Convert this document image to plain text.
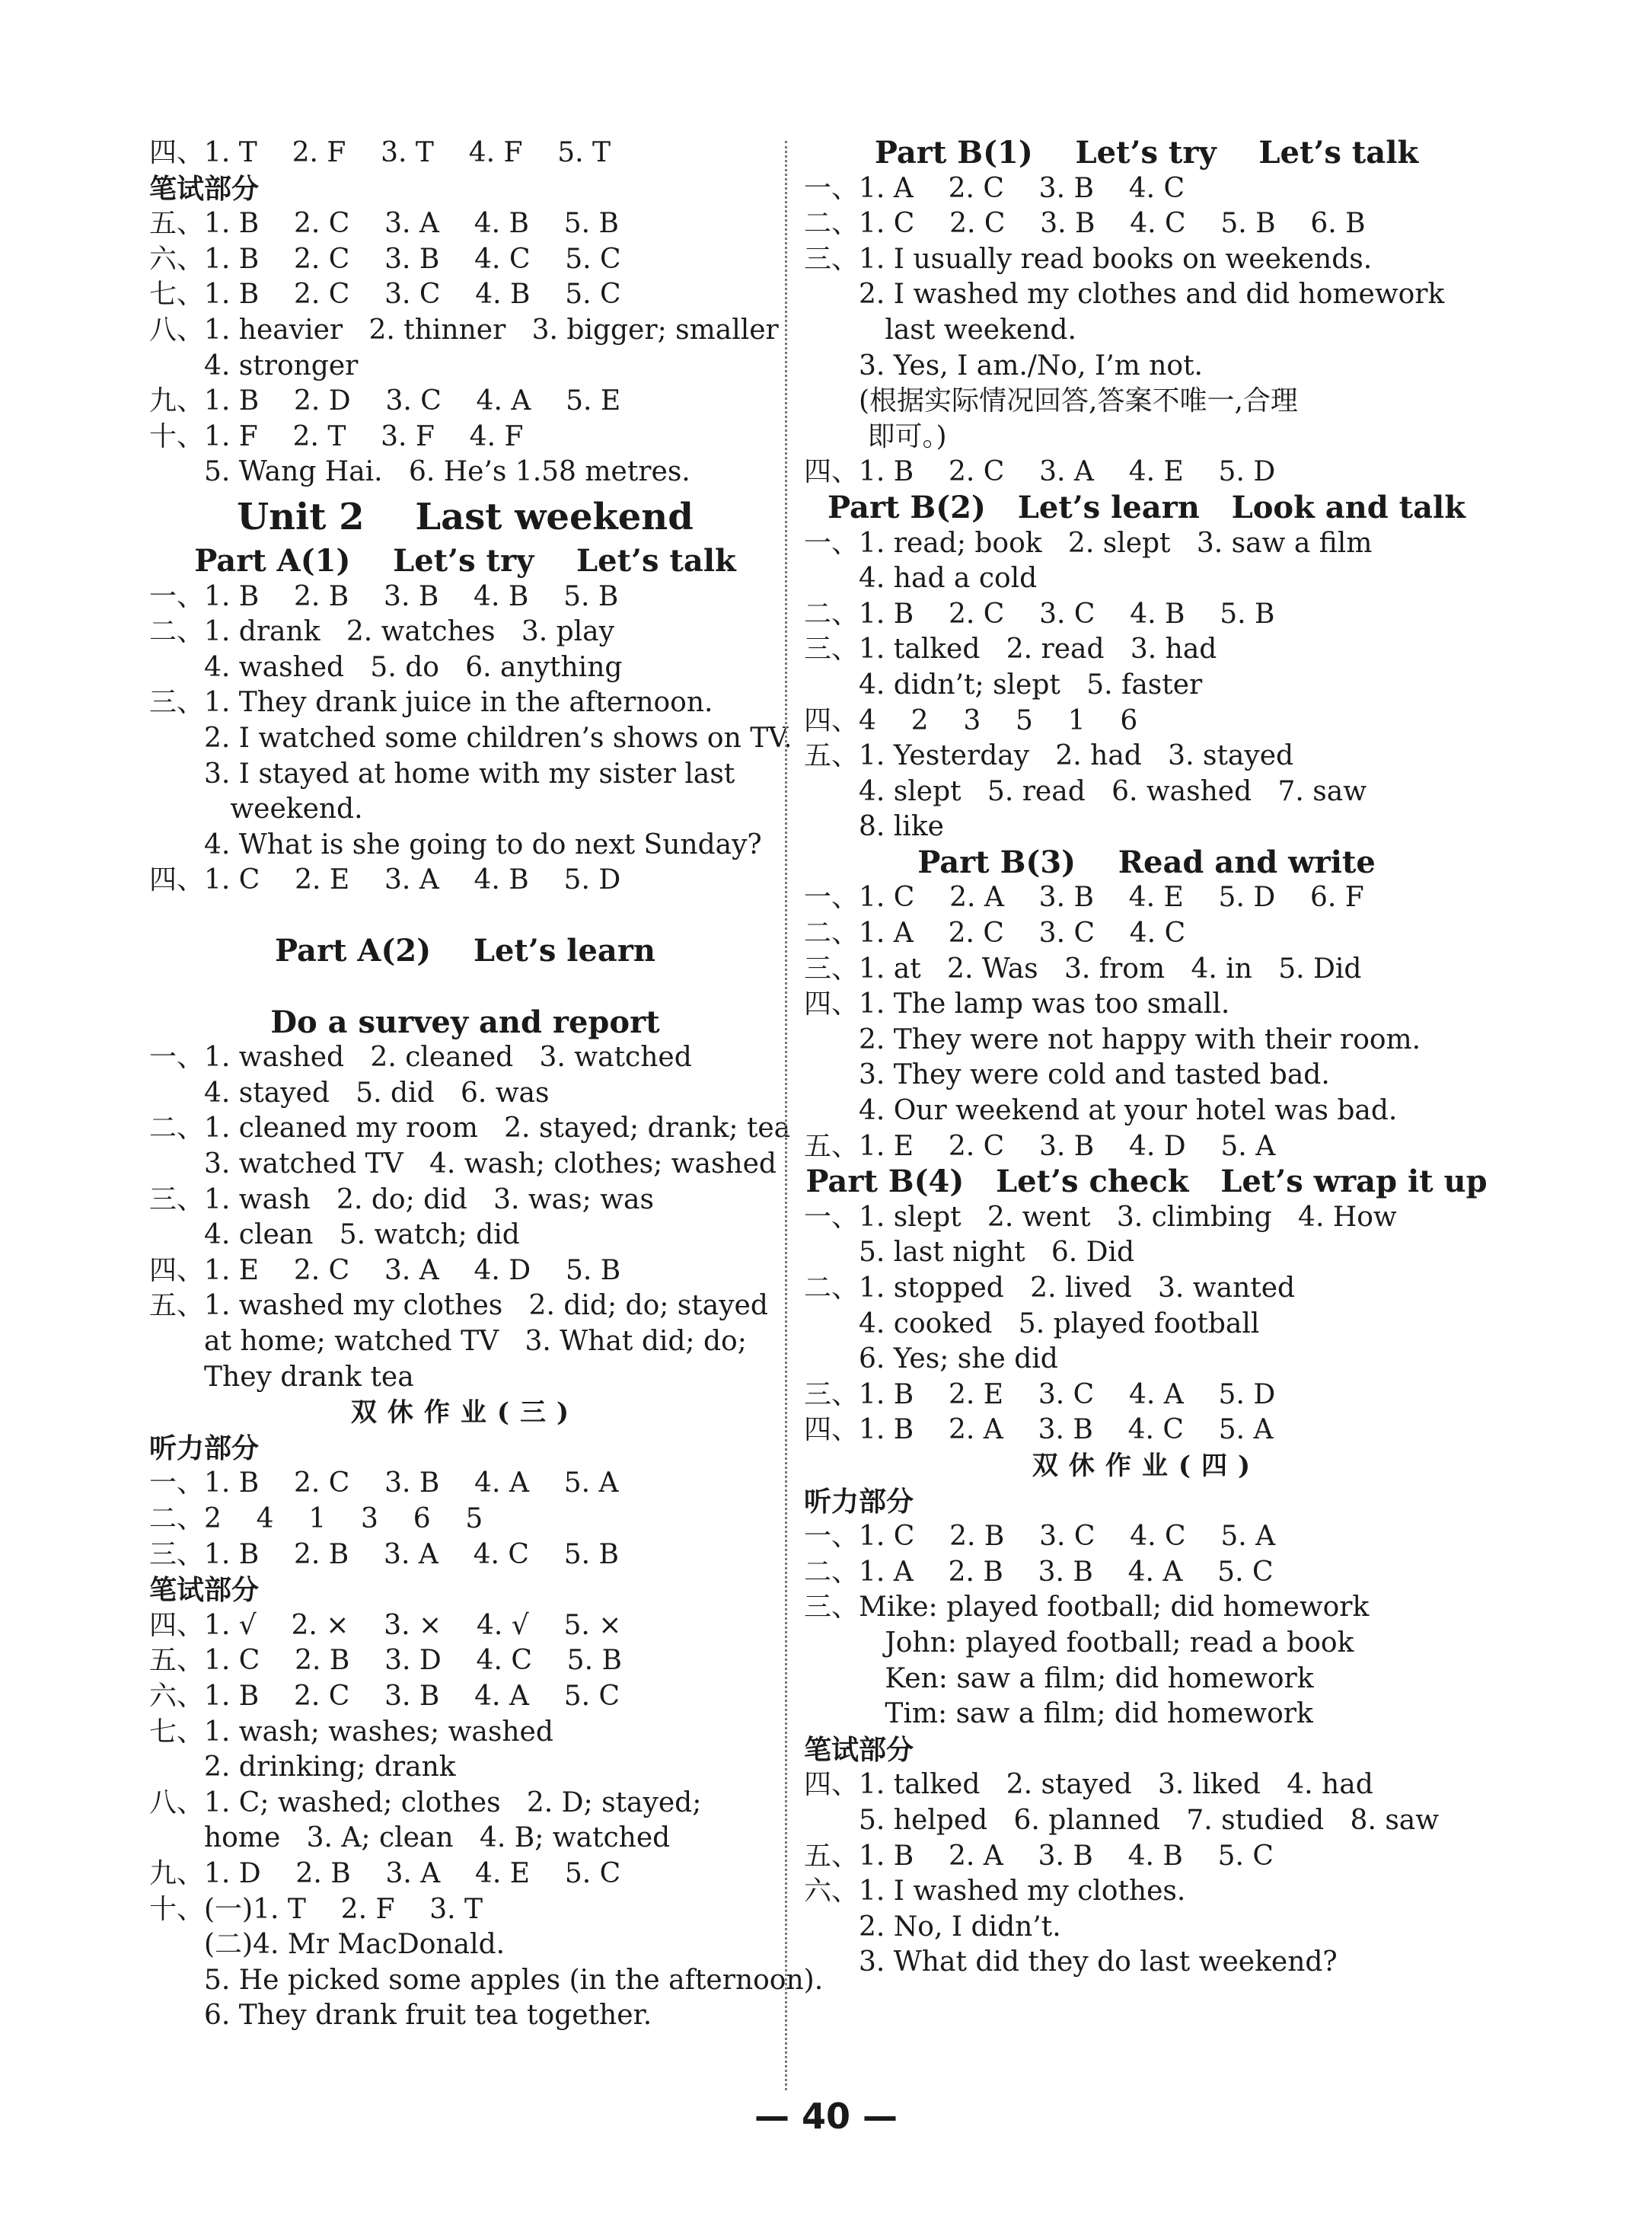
四、1. T    2. F    3. T    4. F    5. T
笔试部分
五、1. B    2. C    3. A    4. B    5. B
六、1. B    2. C    3. B    4. C    5. C
七、1. B    2. C    3. C    4. B    5. C
八、1. heavier   2. thinner   3. bigger; smaller
4. stronger
九、1. B    2. D    3. C    4. A    5. E
十、1. F    2. T    3. F    4. F
5. Wang Hai.   6. He’s 1.58 metres.
Unit 2    Last weekend
Part A(1)    Let’s try    Let’s talk
一、1. B    2. B    3. B    4. B    5. B
二、1. drank   2. watches   3. play
4. washed   5. do   6. anything
三、1. They drank juice in the afternoon.
2. I watched some children’s shows on TV.
3. I stayed at home with my sister last
weekend.
4. What is she going to do next Sunday?
四、1. C    2. E    3. A    4. B    5. D
Part A(2)    Let’s learn
Do a survey and report
一、1. washed   2. cleaned   3. watched
4. stayed   5. did   6. was
二、1. cleaned my room   2. stayed; drank; tea
3. watched TV   4. wash; clothes; washed
三、1. wash   2. do; did   3. was; was
4. clean   5. watch; did
四、1. E    2. C    3. A    4. D    5. B
五、1. washed my clothes   2. did; do; stayed
at home; watched TV   3. What did; do;
They drank tea
双休作业(三)
听力部分
一、1. B    2. C    3. B    4. A    5. A
二、2    4    1    3    6    5
三、1. B    2. B    3. A    4. C    5. B
笔试部分
四、1. √    2. ×    3. ×    4. √    5. ×
五、1. C    2. B    3. D    4. C    5. B
六、1. B    2. C    3. B    4. A    5. C
七、1. wash; washes; washed
2. drinking; drank
八、1. C; washed; clothes   2. D; stayed;
home   3. A; clean   4. B; watched
九、1. D    2. B    3. A    4. E    5. C
十、(一)1. T    2. F    3. T
(二)4. Mr MacDonald.
5. He picked some apples (in the afternoon).
6. They drank fruit tea together.
Part B(1)    Let’s try    Let’s talk
一、1. A    2. C    3. B    4. C
二、1. C    2. C    3. B    4. C    5. B    6. B
三、1. I usually read books on weekends.
2. I washed my clothes and did homework
last weekend.
3. Yes, I am./No, I’m not.
(根据实际情况回答,答案不唯一,合理
即可。)
四、1. B    2. C    3. A    4. E    5. D
Part B(2)   Let’s learn   Look and talk
一、1. read; book   2. slept   3. saw a film
4. had a cold
二、1. B    2. C    3. C    4. B    5. B
三、1. talked   2. read   3. had
4. didn’t; slept   5. faster
四、4    2    3    5    1    6
五、1. Yesterday   2. had   3. stayed
4. slept   5. read   6. washed   7. saw
8. like
Part B(3)    Read and write
一、1. C    2. A    3. B    4. E    5. D    6. F
二、1. A    2. C    3. C    4. C
三、1. at   2. Was   3. from   4. in   5. Did
四、1. The lamp was too small.
2. They were not happy with their room.
3. They were cold and tasted bad.
4. Our weekend at your hotel was bad.
五、1. E    2. C    3. B    4. D    5. A
Part B(4)   Let’s check   Let’s wrap it up
一、1. slept   2. went   3. climbing   4. How
5. last night   6. Did
二、1. stopped   2. lived   3. wanted
4. cooked   5. played football
6. Yes; she did
三、1. B    2. E    3. C    4. A    5. D
四、1. B    2. A    3. B    4. C    5. A
双休作业(四)
听力部分
一、1. C    2. B    3. C    4. C    5. A
二、1. A    2. B    3. B    4. A    5. C
三、Mike: played football; did homework
John: played football; read a book
Ken: saw a film; did homework
Tim: saw a film; did homework
笔试部分
四、1. talked   2. stayed   3. liked   4. had
5. helped   6. planned   7. studied   8. saw
五、1. B    2. A    3. B    4. B    5. C
六、1. I washed my clothes.
2. No, I didn’t.
3. What did they do last weekend?
— 40 —
